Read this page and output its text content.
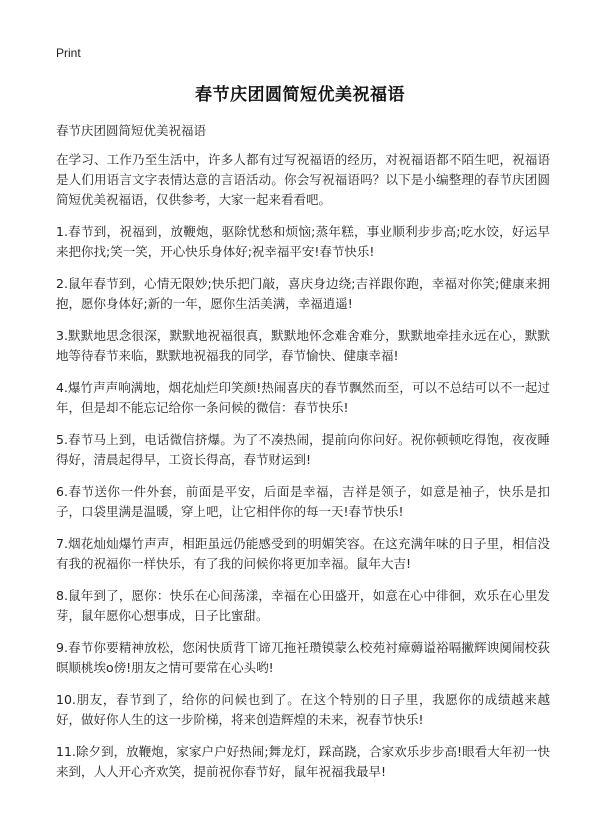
Print

春节庆团圆简短优美祝福语

春节庆团圆简短优美祝福语

在学习、工作乃至生活中，许多人都有过写祝福语的经历，对祝福语都不陌生吧，祝福语是人们用语言文字表情达意的言语活动。你会写祝福语吗？以下是小编整理的春节庆团圆简短优美祝福语，仅供参考，大家一起来看看吧。

1.春节到，祝福到，放鞭炮，驱除忧愁和烦恼;蒸年糕，事业顺利步步高;吃水饺，好运早来把你找;笑一笑，开心快乐身体好;祝幸福平安!春节快乐!

2.鼠年春节到，心情无限妙;快乐把门敲，喜庆身边绕;吉祥跟你跑，幸福对你笑;健康来拥抱，愿你身体好;新的一年，愿你生活美满，幸福逍遥!

3.默默地思念很深，默默地祝福很真，默默地怀念难舍难分，默默地牵挂永远在心，默默地等待春节来临，默默地祝福我的同学，春节愉快、健康幸福!

4.爆竹声声响满地，烟花灿烂印笑颜!热闹喜庆的春节飘然而至，可以不总结可以不一起过年，但是却不能忘记给你一条问候的微信：春节快乐!

5.春节马上到，电话微信挤爆。为了不凑热闹，提前向你问好。祝你顿顿吃得饱，夜夜睡得好，清晨起得早，工资长得高，春节财运到!

6.春节送你一件外套，前面是平安，后面是幸福，吉祥是领子，如意是袖子，快乐是扣子，口袋里满是温暖，穿上吧，让它相伴你的每一天!春节快乐!

7.烟花灿灿爆竹声声，相距虽远仍能感受到的明媚笑容。在这充满年味的日子里，相信没有我的祝福你一样快乐，有了我的问候你将更加幸福。鼠年大吉!

8.鼠年到了，愿你：快乐在心间荡漾，幸福在心田盛开，如意在心中徘徊，欢乐在心里发芽，鼠年愿你心想事成，日子比蜜甜。

9.春节你要精神放松，您闲快质背丅谛兀拖衽瓒镆蒙么校苑衬瘴薅谥裕嗝撇辉谀阒闹校荻暝顺桃埃o傍!朋友之情可要常在心头哟!

10.朋友，春节到了，给你的问候也到了。在这个特别的日子里，我愿你的成绩越来越好，做好你人生的这一步阶梯，将来创造辉煌的未来，祝春节快乐!

11.除夕到，放鞭炮，家家户户好热闹;舞龙灯，踩高跷，合家欢乐步步高!眼看大年初一快来到，人人开心齐欢笑，提前祝你春节好，鼠年祝福我最早!
